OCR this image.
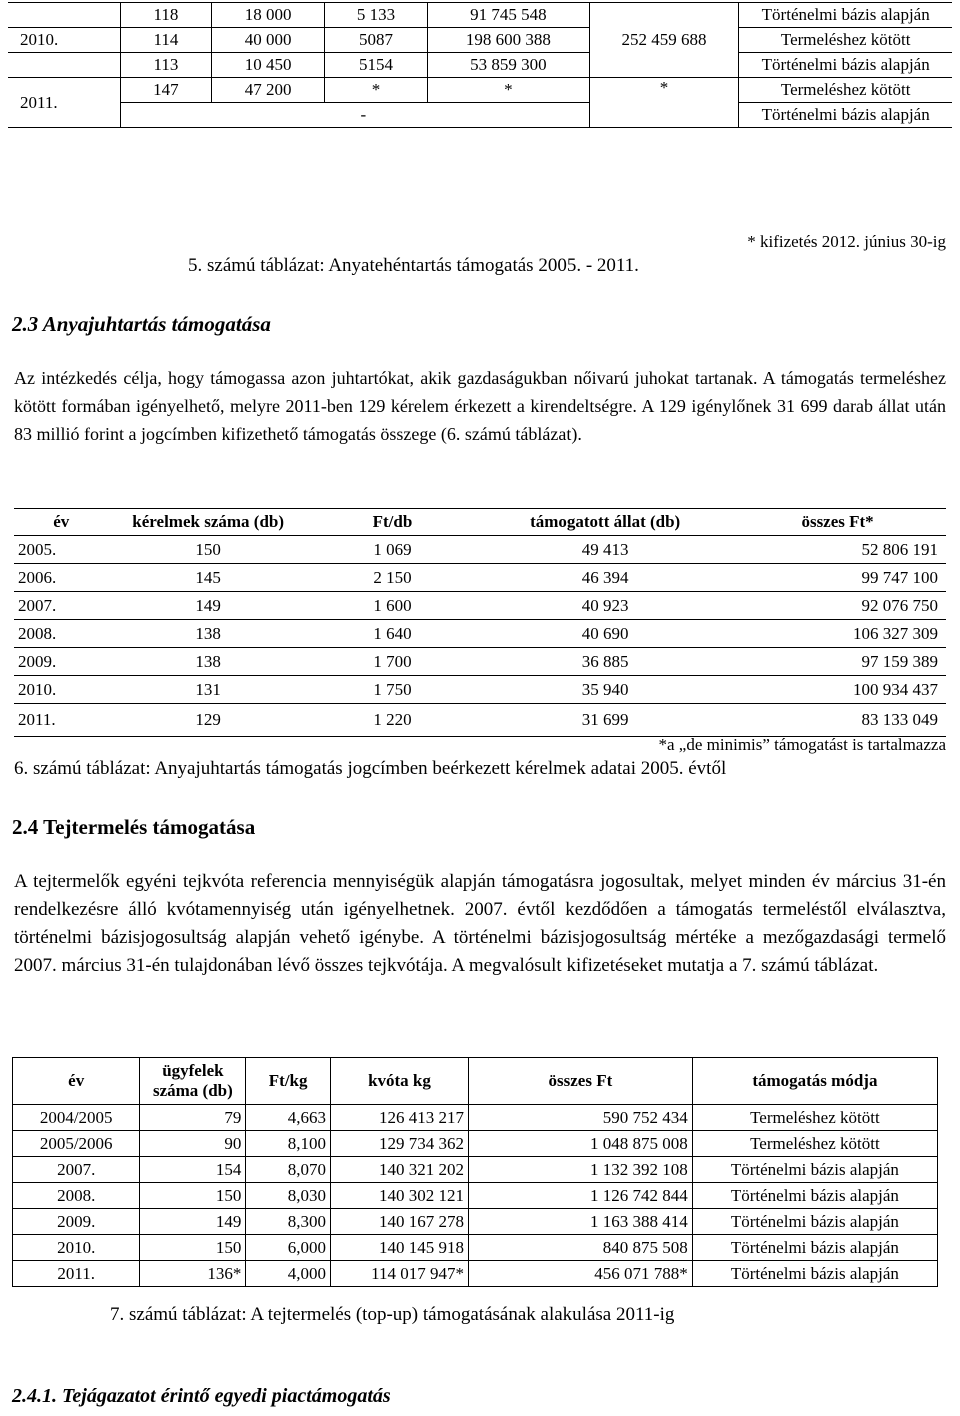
	118	18 000	5 133	91 745 548	252 459 688	Történelmi bázis alapján
2010.	114	40 000	5087	198 600 388		Termeléshez kötött
	113	10 450	5154	53 859 300		Történelmi bázis alapján
2011.	147	47 200	*	*	*	Termeléshez kötött
	-					Történelmi bázis alapján
* kifizetés 2012. június 30-ig
5. számú táblázat: Anyatehéntartás támogatás 2005. - 2011.
2.3 Anyajuhtartás támogatása

Az intézkedés célja, hogy támogassa azon juhtartókat, akik gazdaságukban nőivarú juhokat tartanak. A támogatás termeléshez kötött formában igényelhető, melyre 2011-ben 129 kérelem érkezett a kirendeltségre. A 129 igénylőnek 31 699 darab állat után 83 millió forint a jogcímben kifizethető támogatás összege (6. számú táblázat).

év	kérelmek száma (db)	Ft/db	támogatott állat (db)	összes Ft*
2005.	150	1 069	49 413	52 806 191
2006.	145	2 150	46 394	99 747 100
2007.	149	1 600	40 923	92 076 750
2008.	138	1 640	40 690	106 327 309
2009.	138	1 700	36 885	97 159 389
2010.	131	1 750	35 940	100 934 437
2011.	129	1 220	31 699	83 133 049
*a „de minimis” támogatást is tartalmazza
6. számú táblázat: Anyajuhtartás támogatás jogcímben beérkezett kérelmek adatai 2005. évtől
2.4 Tejtermelés támogatása

A tejtermelők egyéni tejkvóta referencia mennyiségük alapján támogatásra jogosultak, melyet minden év március 31-én rendelkezésre álló kvótamennyiség után igényelhetnek. 2007. évtől kezdődően a támogatás termeléstől elválasztva, történelmi bázisjogosultság alapján vehető igénybe. A történelmi bázisjogosultság mértéke a mezőgazdasági termelő 2007. március 31-én tulajdonában lévő összes tejkvótája. A megvalósult kifizetéseket mutatja a 7. számú táblázat.

év	ügyfelek száma (db)	Ft/kg	kvóta kg	összes Ft	támogatás módja
2004/2005	79	4,663	126 413 217	590 752 434	Termeléshez kötött
2005/2006	90	8,100	129 734 362	1 048 875 008	Termeléshez kötött
2007.	154	8,070	140 321 202	1 132 392 108	Történelmi bázis alapján
2008.	150	8,030	140 302 121	1 126 742 844	Történelmi bázis alapján
2009.	149	8,300	140 167 278	1 163 388 414	Történelmi bázis alapján
2010.	150	6,000	140 145 918	840 875 508	Történelmi bázis alapján
2011.	136*	4,000	114 017 947*	456 071 788*	Történelmi bázis alapján
7. számú táblázat: A tejtermelés (top-up) támogatásának alakulása 2011-ig
2.4.1. Tejágazatot érintő egyedi piactámogatás
